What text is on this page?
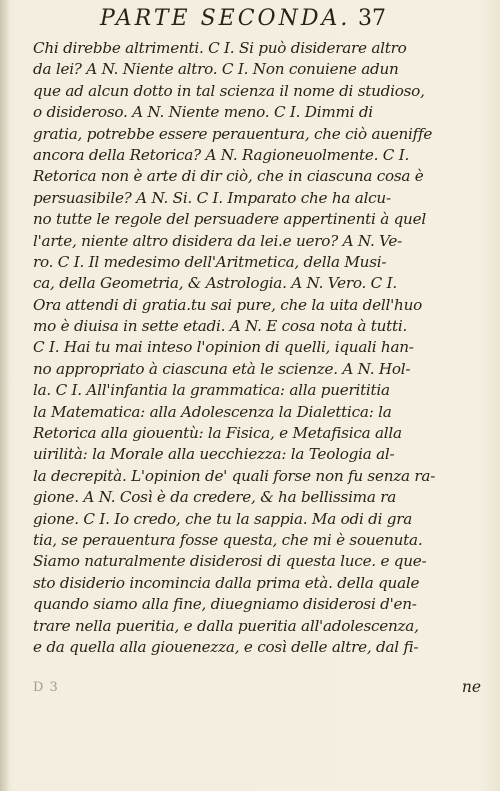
PARTE SECONDA. 37
Chi direbbe altrimenti. C I. Si può disiderare altro
da lei? A N. Niente altro. C I. Non conuiene adun
que ad alcun dotto in tal scienza il nome di studioso,
o disideroso. A N. Niente meno. C I. Dimmi di
gratia, potrebbe essere perauentura, che ciò aueniffe
ancora della Retorica? A N. Ragioneuolmente. C I.
Retorica non è arte di dir ciò, che in ciascuna cosa è
persuasibile? A N. Si. C I. Imparato che ha alcu-
no tutte le regole del persuadere appertinenti à quel
l'arte, niente altro disidera da lei.e uero? A N. Ve-
ro. C I. Il medesimo dell'Aritmetica, della Musi-
ca, della Geometria, & Astrologia. A N. Vero. C I.
Ora attendi di gratia.tu sai pure, che la uita dell'huo
mo è diuisa in sette etadi. A N. E cosa nota à tutti.
C I. Hai tu mai inteso l'opinion di quelli, iquali han-
no appropriato à ciascuna età le scienze. A N. Hol-
la. C I. All'infantia la grammatica: alla puerititia
la Matematica: alla Adolescenza la Dialettica: la
Retorica alla giouentù: la Fisica, e Metafisica alla
uirilità: la Morale alla uecchiezza: la Teologia al-
la decrepità. L'opinion de' quali forse non fu senza ra-
gione. A N. Così è da credere, & ha bellissima ra
gione. C I. Io credo, che tu la sappia. Ma odi di gra
tia, se perauentura fosse questa, che mi è souenuta.
Siamo naturalmente disiderosi di questa luce. e que-
sto disiderio incomincia dalla prima età. della quale
quando siamo alla fine, diuegniamo disiderosi d'en-
trare nella pueritia, e dalla pueritia all'adolescenza,
e da quella alla giouenezza, e così delle altre, dal fi-
D 3	ne
